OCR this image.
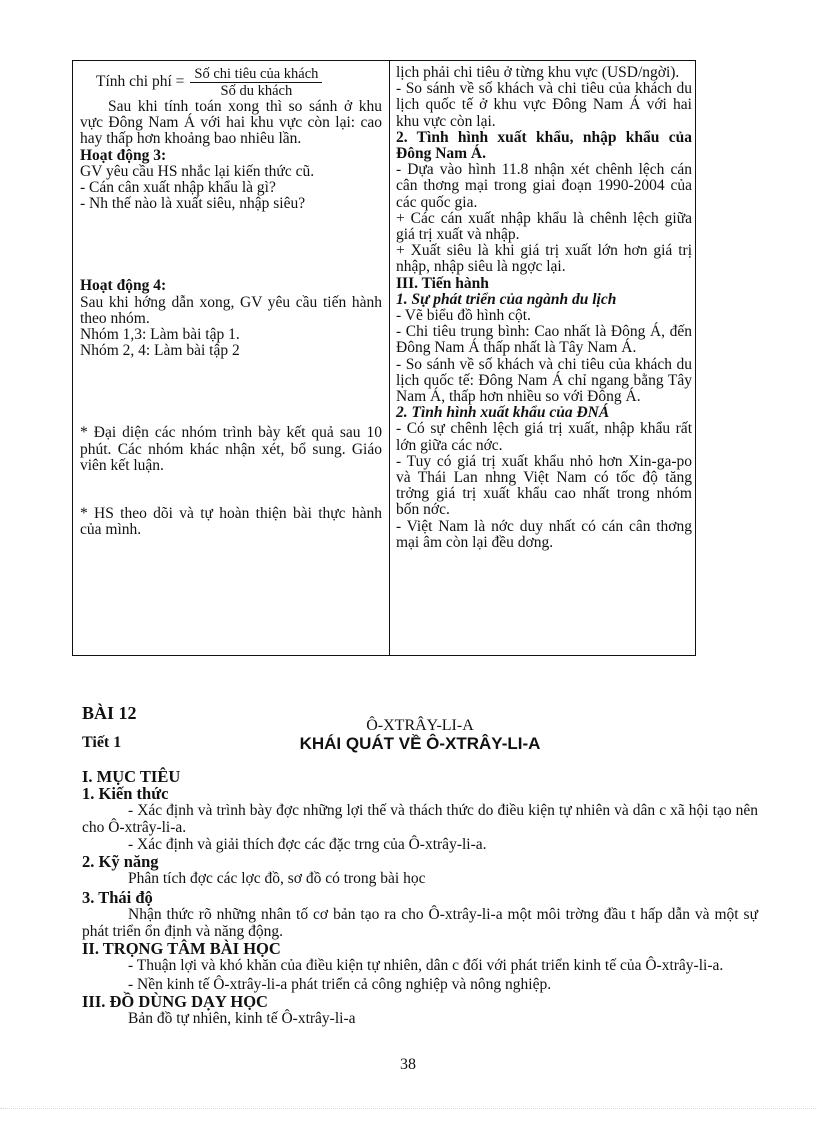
Tính chi phí = $\frac{\text{Số chi tiêu của khách}}{\text{Số du khách}}$

Sau khi tính toán xong thì so sánh ở khu vực Đông Nam Á với hai khu vực còn lại: cao hay thấp hơn khoảng bao nhiêu lần.

Hoạt động 3:

GV yêu cầu HS nhắc lại kiến thức cũ.

- Cán cân xuất nhập khẩu là gì?

- Nh thế nào là xuất siêu, nhập siêu?

Hoạt động 4:

Sau khi hớng dẫn xong, GV yêu cầu tiến hành theo nhóm.

Nhóm 1,3: Làm bài tập 1.

Nhóm 2, 4: Làm bài tập 2

* Đại diện các nhóm trình bày kết quả sau 10 phút. Các nhóm khác nhận xét, bổ sung. Giáo viên kết luận.

* HS theo dõi và tự hoàn thiện bài thực hành của mình.

lịch phải chi tiêu ở từng khu vực (USD/ngời).

- So sánh về số khách và chi tiêu của khách du lịch quốc tế ở khu vực Đông Nam Á với hai khu vực còn lại.

2. Tình hình xuất khẩu, nhập khẩu của Đông Nam Á.

- Dựa vào hình 11.8 nhận xét chênh lệch cán cân thơng mại trong giai đoạn 1990-2004 của các quốc gia.

+ Các cán xuất nhập khẩu là chênh lệch giữa giá trị xuất và nhập.

+ Xuất siêu là khi giá trị xuất lớn hơn giá trị nhập, nhập siêu là ngợc lại.

III. Tiến hành

1. Sự phát triển của ngành du lịch

- Vẽ biểu đồ hình cột.

- Chi tiêu trung bình: Cao nhất là Đông Á, đến Đông Nam Á thấp nhất là Tây Nam Á.

- So sánh về số khách và chi tiêu của khách du lịch quốc tế: Đông Nam Á chỉ ngang bằng Tây Nam Á, thấp hơn nhiều so với Đông Á.

2. Tình hình xuất khẩu của ĐNÁ

- Có sự chênh lệch giá trị xuất, nhập khẩu rất lớn giữa các nớc.

- Tuy có giá trị xuất khẩu nhỏ hơn Xin-ga-po và Thái Lan nhng Việt Nam có tốc độ tăng trởng giá trị xuất khẩu cao nhất trong nhóm bốn nớc.

- Việt Nam là nớc duy nhất có cán cân thơng mại âm còn lại đều dơng.

BÀI 12
Ô-XTRÂY-LI-A
Tiết 1	KHÁI QUÁT VỀ Ô-XTRÂY-LI-A

I. MỤC TIÊU

1. Kiến thức

- Xác định và trình bày đợc những lợi thế và thách thức do điều kiện tự nhiên và dân c xã hội tạo nên cho Ô-xtrây-li-a.

- Xác định và giải thích đợc các đặc trng của Ô-xtrây-li-a.

2. Kỹ năng

Phân tích đợc các lợc đồ, sơ đồ có trong bài học

3. Thái độ

Nhận thức rõ những nhân tố cơ bản tạo ra cho Ô-xtrây-li-a một môi trờng đầu t hấp dẫn và một sự phát triển ổn định và năng động.

II. TRỌNG TÂM BÀI HỌC

- Thuận lợi và khó khăn của điều kiện tự nhiên, dân c đối với phát triển kinh tế của Ô-xtrây-li-a.

- Nền kinh tế Ô-xtrây-li-a phát triển cả công nghiệp và nông nghiệp.

III. ĐỒ DÙNG DẠY HỌC

Bản đồ tự nhiên, kinh tế Ô-xtrây-li-a

38
